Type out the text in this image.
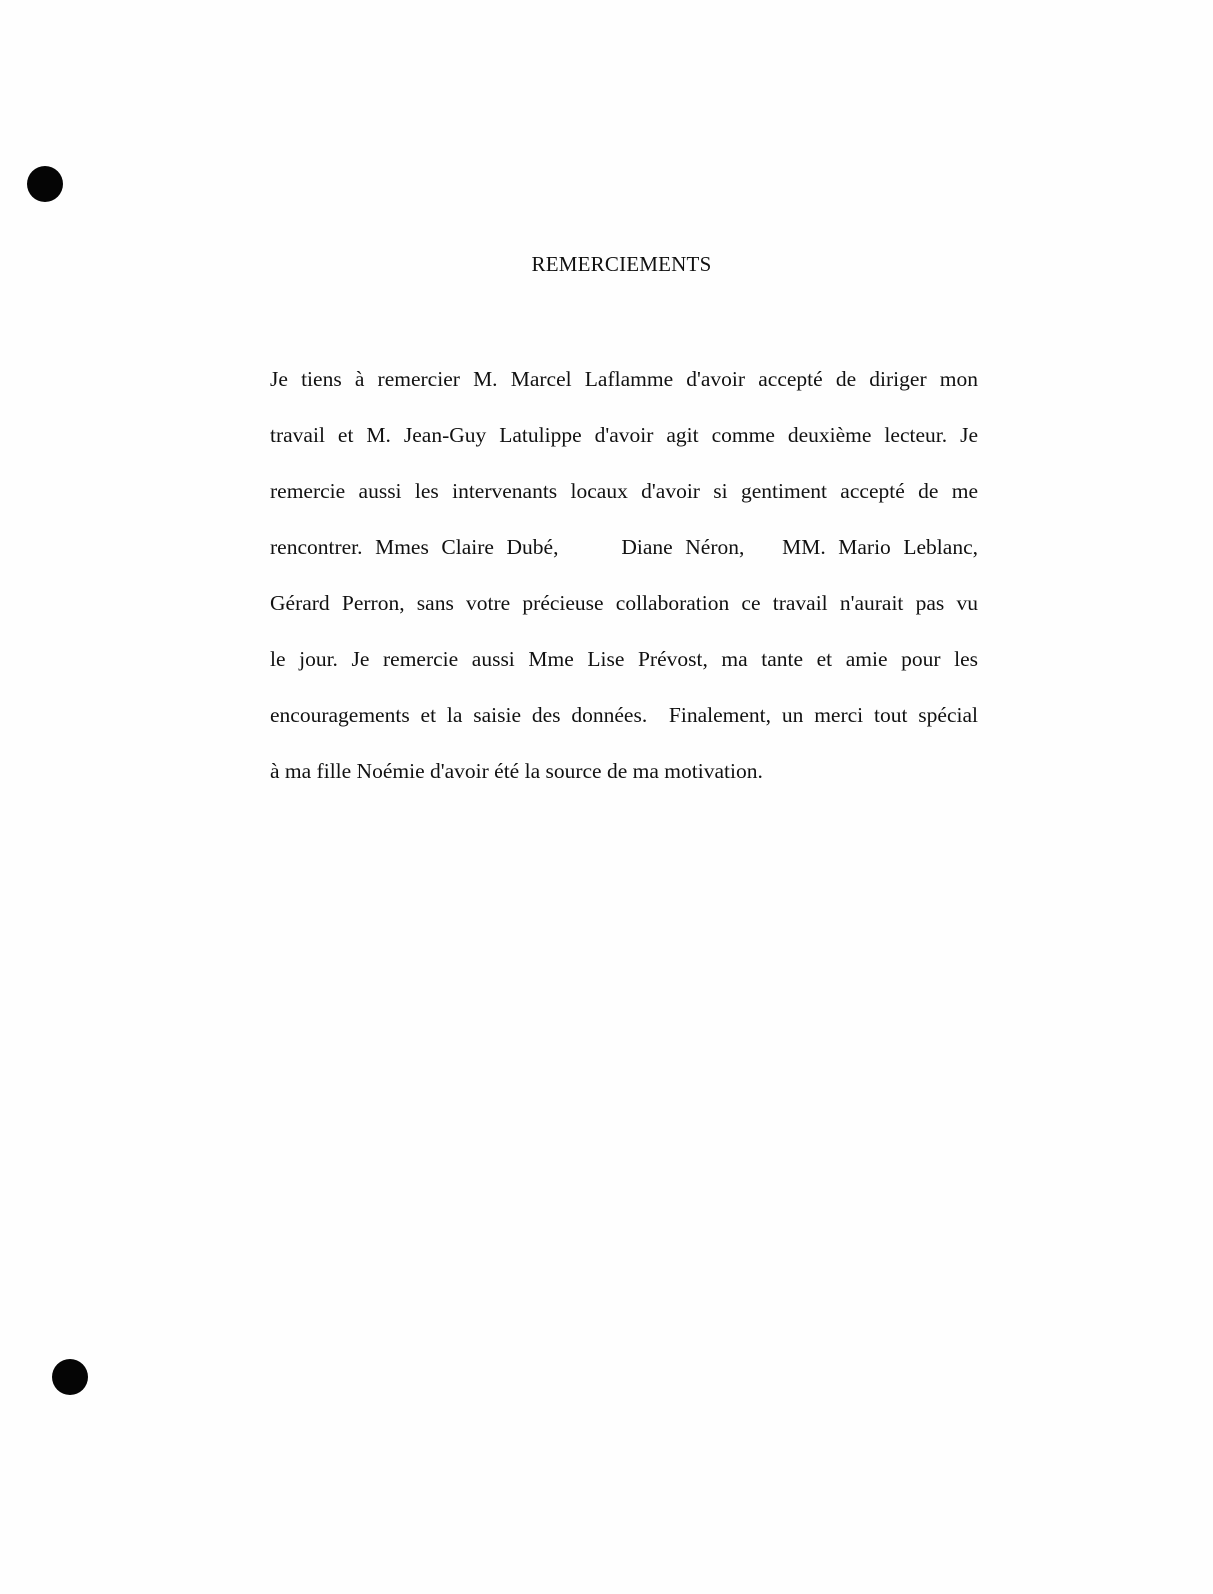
REMERCIEMENTS
Je tiens à remercier M. Marcel Laflamme d'avoir accepté de diriger mon
travail et M. Jean-Guy Latulippe d'avoir agit comme deuxième lecteur. Je
remercie aussi les intervenants locaux d'avoir si gentiment accepté de me
rencontrer. Mmes Claire Dubé,     Diane Néron,   MM. Mario Leblanc,
Gérard Perron, sans votre précieuse collaboration ce travail n'aurait pas vu
le jour. Je remercie aussi Mme Lise Prévost, ma tante et amie pour les
encouragements et la saisie des données.  Finalement, un merci tout spécial
à ma fille Noémie d'avoir été la source de ma motivation.
